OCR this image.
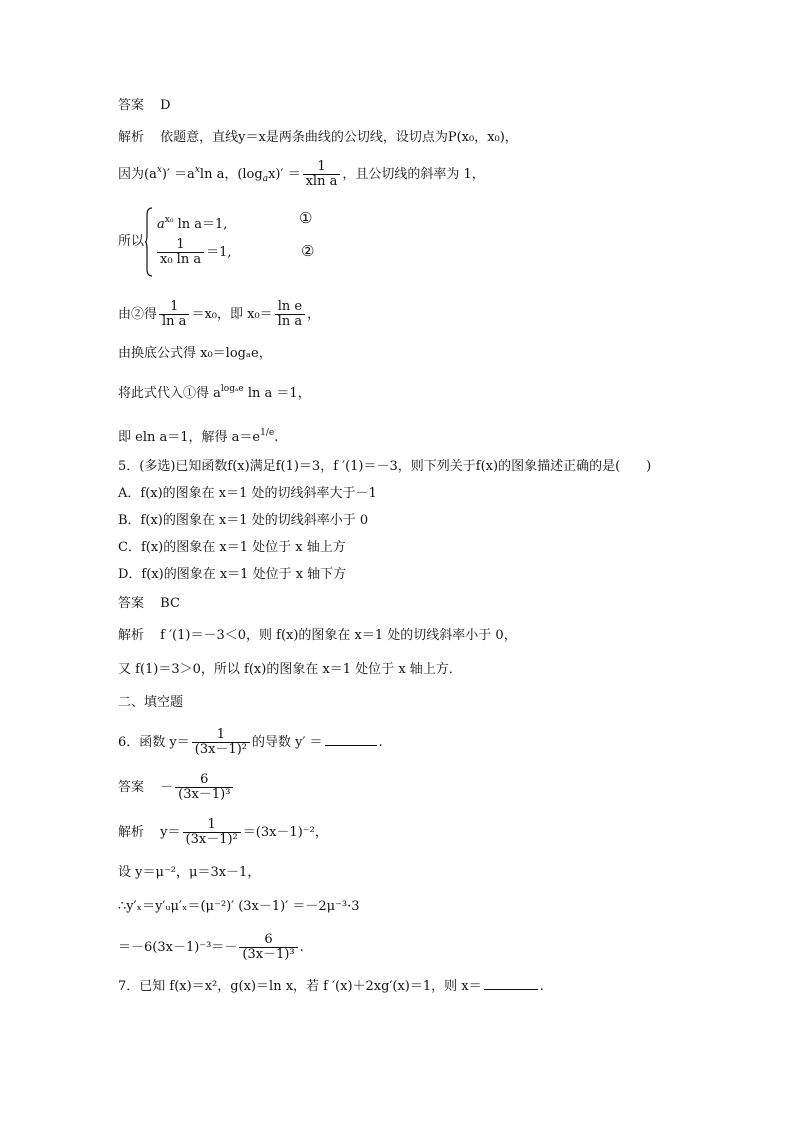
答案 D
解析 依题意，直线y＝x是两条曲线的公切线，设切点为P(x₀，x₀)，
因为$(a^x)' =a^x\ln$ a，$(\log_ax)' = \frac{1}{\text{xln a}}$ ，且公切线的斜率为 1，
所以
$a^{x_0}$ ln a＝1,
$\frac{1}{\text{x₀ ln a}} =1$,
①
②
由②得 $\frac{1}{\text{ln a}} =x_0$，即 $x_0= \frac{\text{ln e}}{\text{ln a}}$ ，
由换底公式得 x₀＝logₐe，
将此式代入①得 $a^{log_ae}$ ln a ＝1，
即 eln a＝1，解得 $a=e^{1/e}$.
5．(多选)已知函数f(x)满足f(1)＝3，f ′(1)＝－3，则下列关于f(x)的图象描述正确的是(　　)
A．f(x)的图象在 x＝1 处的切线斜率大于－1
B．f(x)的图象在 x＝1 处的切线斜率小于 0
C．f(x)的图象在 x＝1 处位于 x 轴上方
D．f(x)的图象在 x＝1 处位于 x 轴下方
答案 BC
解析 f ′(1)＝－3＜0，则 f(x)的图象在 x＝1 处的切线斜率小于 0，
又 f(1)＝3＞0，所以 f(x)的图象在 x＝1 处位于 x 轴上方．
二、填空题
6．函数 $y= \frac{1}{\text{(3x－1)²}}$ 的导数 y′ ＝	.
答案 － $\frac{6}{\text{(3x－1)³}}$
解析 $y= \frac{1}{\text{(3x－1)²}} =(3x-1)^{-2}$，
设 y＝μ⁻²，μ＝3x－1，
∴y′ₓ＝y′ᵤμ′ₓ＝(μ⁻²)′ (3x－1)′ ＝－2μ⁻³·3
$=-6(3x-1)^{-3}=- \frac{6}{\text{(3x－1)³}}$ .
7．已知 f(x)＝x²，g(x)＝ln x，若 f ′(x)＋2xg′(x)＝1，则 x＝	.
